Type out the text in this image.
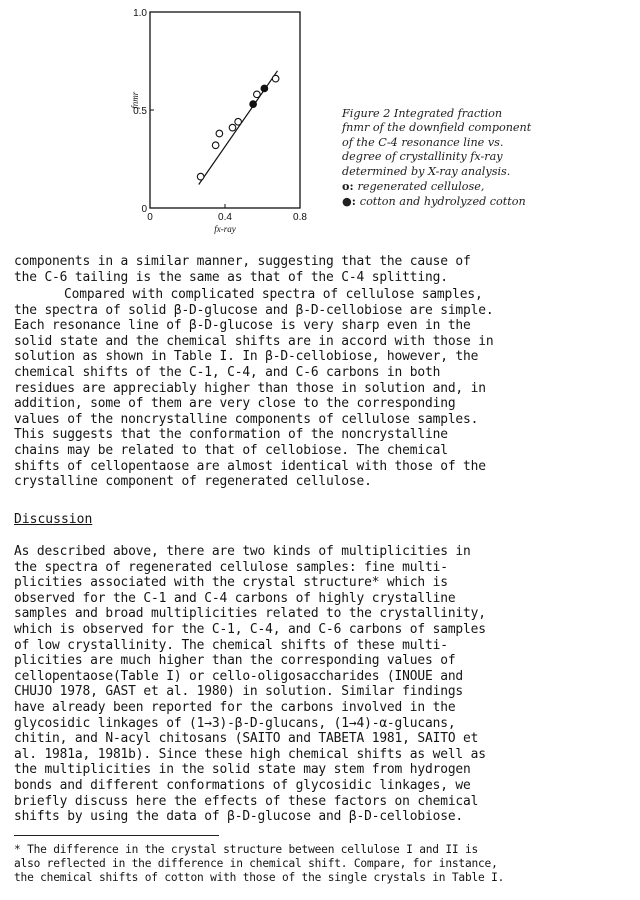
0	0.4	0.8
0
0.5
1.0
fnmr
fx-ray
Figure 2 Integrated fraction
fnmr of the downfield component
of the C-4 resonance line vs.
degree of crystallinity fx-ray
determined by X-ray analysis.
o: regenerated cellulose,
●: cotton and hydrolyzed cotton
components in a similar manner, suggesting that the cause of
the C-6 tailing is the same as that of the C-4 splitting.
Compared with complicated spectra of cellulose samples,
the spectra of solid β-D-glucose and β-D-cellobiose are simple.
Each resonance line of β-D-glucose is very sharp even in the
solid state and the chemical shifts are in accord with those in
solution as shown in Table I. In β-D-cellobiose, however, the
chemical shifts of the C-1, C-4, and C-6 carbons in both
residues are appreciably higher than those in solution and, in
addition, some of them are very close to the corresponding
values of the noncrystalline components of cellulose samples.
This suggests that the conformation of the noncrystalline
chains may be related to that of cellobiose. The chemical
shifts of cellopentaose are almost identical with those of the
crystalline component of regenerated cellulose.
Discussion
As described above, there are two kinds of multiplicities in
the spectra of regenerated cellulose samples: fine multi-
plicities associated with the crystal structure* which is
observed for the C-1 and C-4 carbons of highly crystalline
samples and broad multiplicities related to the crystallinity,
which is observed for the C-1, C-4, and C-6 carbons of samples
of low crystallinity. The chemical shifts of these multi-
plicities are much higher than the corresponding values of
cellopentaose(Table I) or cello-oligosaccharides (INOUE and
CHUJO 1978, GAST et al. 1980) in solution. Similar findings
have already been reported for the carbons involved in the
glycosidic linkages of (1→3)-β-D-glucans, (1→4)-α-glucans,
chitin, and N-acyl chitosans (SAITO and TABETA 1981, SAITO et
al. 1981a, 1981b). Since these high chemical shifts as well as
the multiplicities in the solid state may stem from hydrogen
bonds and different conformations of glycosidic linkages, we
briefly discuss here the effects of these factors on chemical
shifts by using the data of β-D-glucose and β-D-cellobiose.
* The difference in the crystal structure between cellulose I and II is
also reflected in the difference in chemical shift. Compare, for instance,
the chemical shifts of cotton with those of the single crystals in Table I.
